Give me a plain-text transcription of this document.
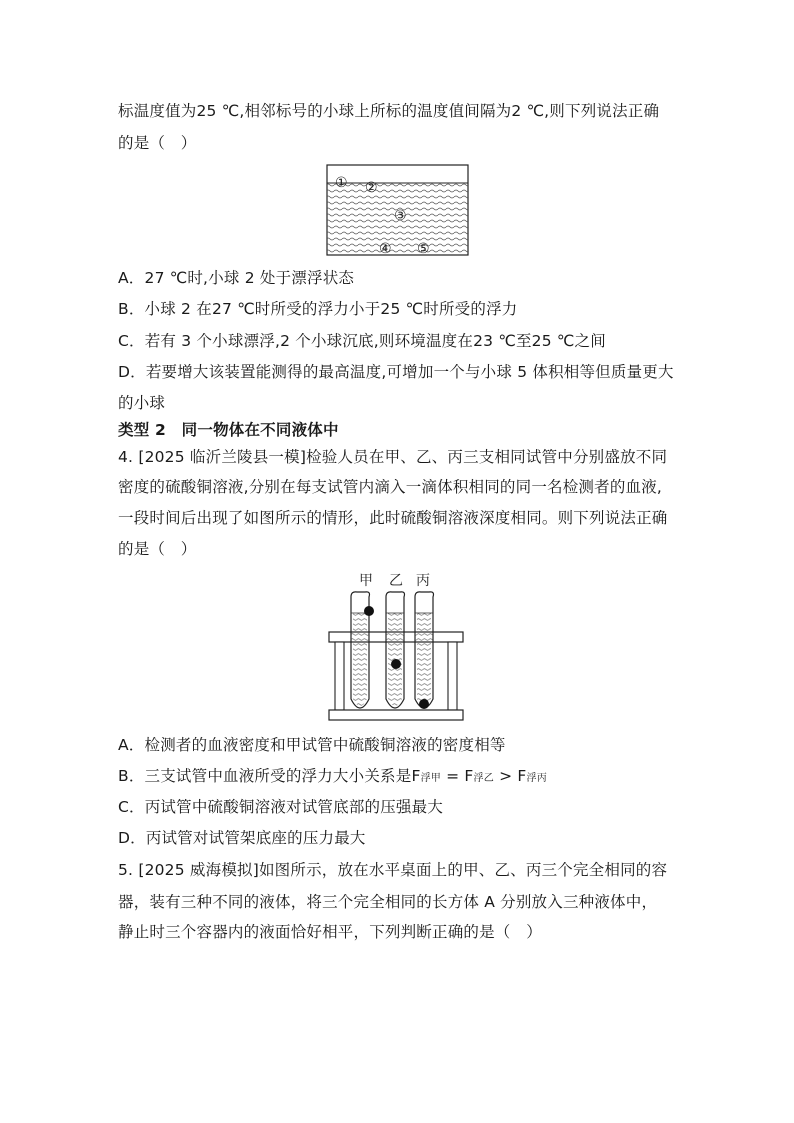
标温度值为25 ℃,相邻标号的小球上所标的温度值间隔为2 ℃,则下列说法正确
的是（　）
① ②
③
④ ⑤
A．27 ℃时,小球 2 处于漂浮状态
B．小球 2 在27 ℃时所受的浮力小于25 ℃时所受的浮力
C．若有 3 个小球漂浮,2 个小球沉底,则环境温度在23 ℃至25 ℃之间
D．若要增大该装置能测得的最高温度,可增加一个与小球 5 体积相等但质量更大
的小球
类型 2　同一物体在不同液体中
4. [2025 临沂兰陵县一模]检验人员在甲、乙、丙三支相同试管中分别盛放不同
密度的硫酸铜溶液,分别在每支试管内滴入一滴体积相同的同一名检测者的血液,
一段时间后出现了如图所示的情形，此时硫酸铜溶液深度相同。则下列说法正确
的是（　）
甲 乙 丙
A．检测者的血液密度和甲试管中硫酸铜溶液的密度相等
B．三支试管中血液所受的浮力大小关系是F浮甲 = F浮乙 > F浮丙
C．丙试管中硫酸铜溶液对试管底部的压强最大
D．丙试管对试管架底座的压力最大
5. [2025 威海模拟]如图所示，放在水平桌面上的甲、乙、丙三个完全相同的容
器，装有三种不同的液体，将三个完全相同的长方体 A 分别放入三种液体中，
静止时三个容器内的液面恰好相平，下列判断正确的是（　）
